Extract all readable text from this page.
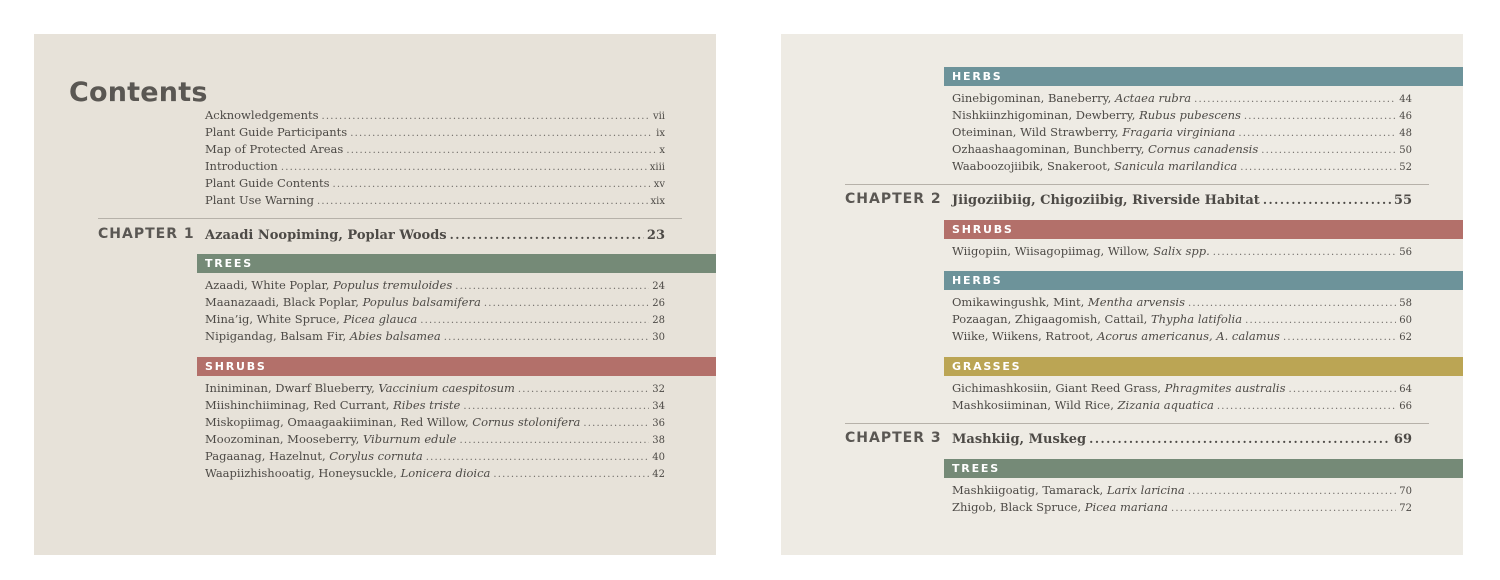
Contents
Acknowledgements .....	vii
Plant Guide Participants .....	ix
Map of Protected Areas .....	x
Introduction .....	xiii
Plant Guide Contents .....	xv
Plant Use Warning .....	xix
CHAPTER 1 Azaadi Noopiming, Poplar Woods .....	23
TREES
Azaadi, White Poplar, Populus tremuloides .....	24
Maanazaadi, Black Poplar, Populus balsamifera .....	26
Mina’ig, White Spruce, Picea glauca .....	28
Nipigandag, Balsam Fir, Abies balsamea .....	30
SHRUBS
Ininiminan, Dwarf Blueberry, Vaccinium caespitosum .....	32
Miishinchiiminag, Red Currant, Ribes triste .....	34
Miskopiimag, Omaagaakiiminan, Red Willow, Cornus stolonifera .....	36
Moozominan, Mooseberry, Viburnum edule .....	38
Pagaanag, Hazelnut, Corylus cornuta .....	40
Waapiizhishooatig, Honeysuckle, Lonicera dioica .....	42
HERBS
Ginebigominan, Baneberry, Actaea rubra .....	44
Nishkiinzhigominan, Dewberry, Rubus pubescens .....	46
Oteiminan, Wild Strawberry, Fragaria virginiana .....	48
Ozhaashaagominan, Bunchberry, Cornus canadensis .....	50
Waaboozojiibik, Snakeroot, Sanicula marilandica .....	52
CHAPTER 2 Jiigoziibiig, Chigoziibig, Riverside Habitat .....	55
SHRUBS
Wiigopiin, Wiisagopiimag, Willow, Salix spp. .....	56
HERBS
Omikawingushk, Mint, Mentha arvensis .....	58
Pozaagan, Zhigaagomish, Cattail, Thypha latifolia .....	60
Wiike, Wiikens, Ratroot, Acorus americanus, A. calamus .....	62
GRASSES
Gichimashkosiin, Giant Reed Grass, Phragmites australis .....	64
Mashkosiiminan, Wild Rice, Zizania aquatica .....	66
CHAPTER 3 Mashkiig, Muskeg .....	69
TREES
Mashkiigoatig, Tamarack, Larix laricina .....	70
Zhigob, Black Spruce, Picea mariana .....	72
